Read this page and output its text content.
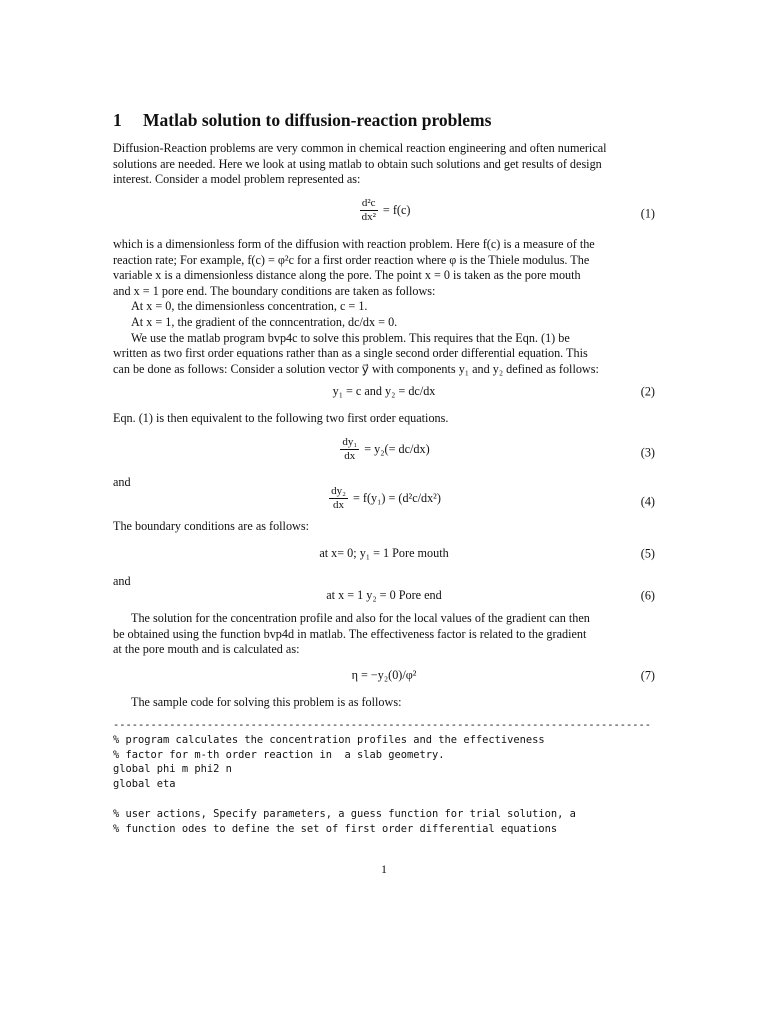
1 Matlab solution to diffusion-reaction problems

Diffusion-Reaction problems are very common in chemical reaction engineering and often numerical

solutions are needed. Here we look at using matlab to obtain such solutions and get results of design

interest. Consider a model problem represented as:

$\frac{\text{d²c}}{\text{dx²}} = f(c)$	(1)

which is a dimensionless form of the diffusion with reaction problem. Here f(c) is a measure of the

reaction rate; For example, f(c) = φ²c for a first order reaction where φ is the Thiele modulus. The

variable x is a dimensionless distance along the pore. The point x = 0 is taken as the pore mouth

and x = 1 pore end. The boundary conditions are taken as follows:

At x = 0, the dimensionless concentration, c = 1.

At x = 1, the gradient of the conncentration, dc/dx = 0.

We use the matlab program bvp4c to solve this problem. This requires that the Eqn. (1) be

written as two first order equations rather than as a single second order differential equation. This

can be done as follows: Consider a solution vector y⃗ with components y₁ and y₂ defined as follows:

y₁ = c and y₂ = dc/dx	(2)

Eqn. (1) is then equivalent to the following two first order equations.

$\frac{\text{dy₁}}{dx} = y_2(= dc/dx)$	(3)

and

$\frac{\text{dy₂}}{dx} = f(y_1) = (d^2c/dx^2)$	(4)

The boundary conditions are as follows:

at x= 0; y₁ = 1 Pore mouth	(5)

and

at x = 1 y₂ = 0 Pore end	(6)

The solution for the concentration profile and also for the local values of the gradient can then

be obtained using the function bvp4d in matlab. The effectiveness factor is related to the gradient

at the pore mouth and is calculated as:

η = −y₂(0)/φ²	(7)

The sample code for solving this problem is as follows:

--------------------------------------------------------------------------------------
% program calculates the concentration profiles and the effectiveness
% factor for m-th order reaction in  a slab geometry.
global phi m phi2 n
global eta

% user actions, Specify parameters, a guess function for trial solution, a
% function odes to define the set of first order differential equations
1
